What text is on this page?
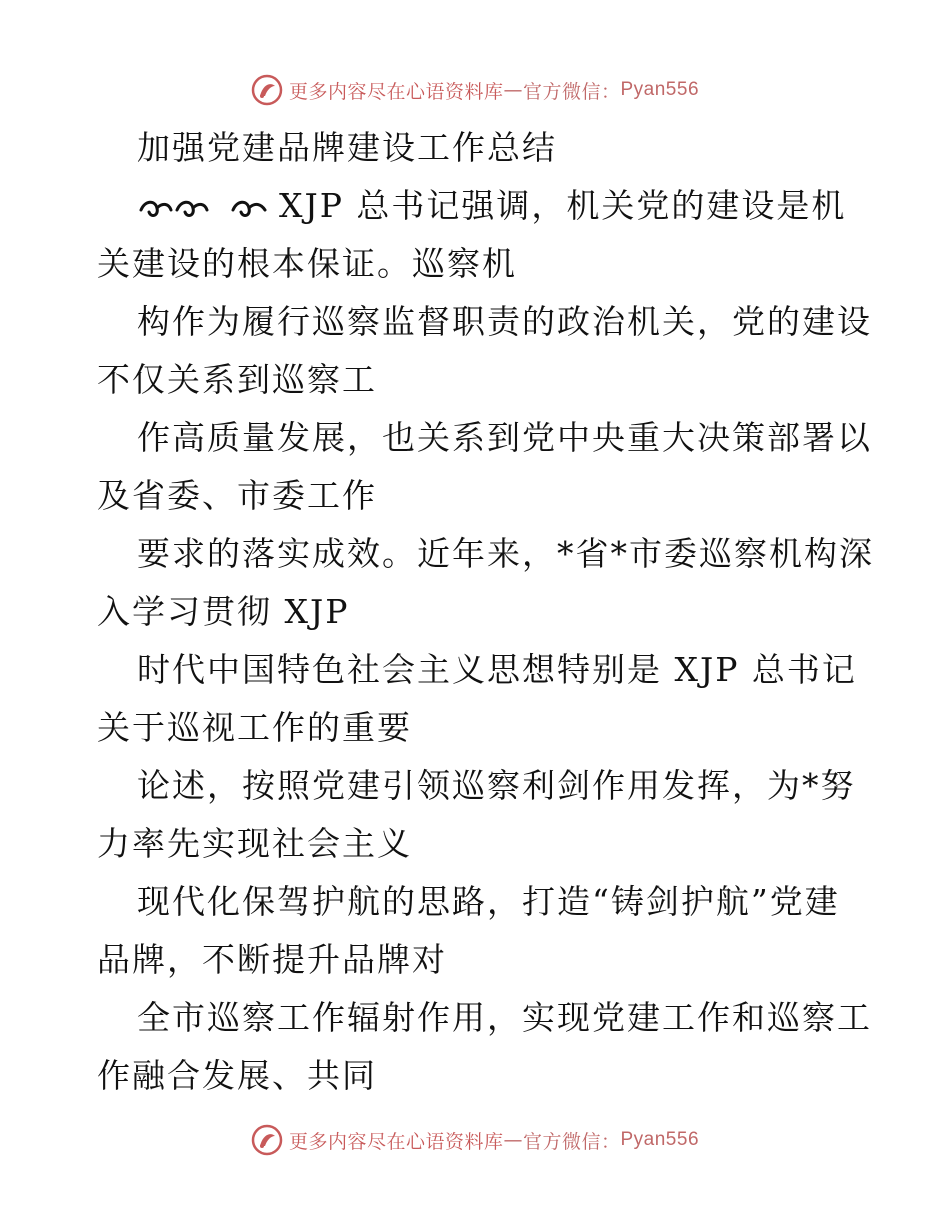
更多内容尽在心语资料库 — 官方微信： Pyan556
加强党建品牌建设工作总结
XJP 总书记强调，机关党的建设是机
关建设的根本保证。巡察机
构作为履行巡察监督职责的政治机关，党的建设
不仅关系到巡察工
作高质量发展，也关系到党中央重大决策部署以
及省委、市委工作
要求的落实成效。近年来，*省*市委巡察机构深
入学习贯彻 XJP
时代中国特色社会主义思想特别是 XJP 总书记
关于巡视工作的重要
论述，按照党建引领巡察利剑作用发挥，为*努
力率先实现社会主义
现代化保驾护航的思路，打造“铸剑护航”党建
品牌，不断提升品牌对
全市巡察工作辐射作用，实现党建工作和巡察工
作融合发展、共同
更多内容尽在心语资料库 — 官方微信： Pyan556
